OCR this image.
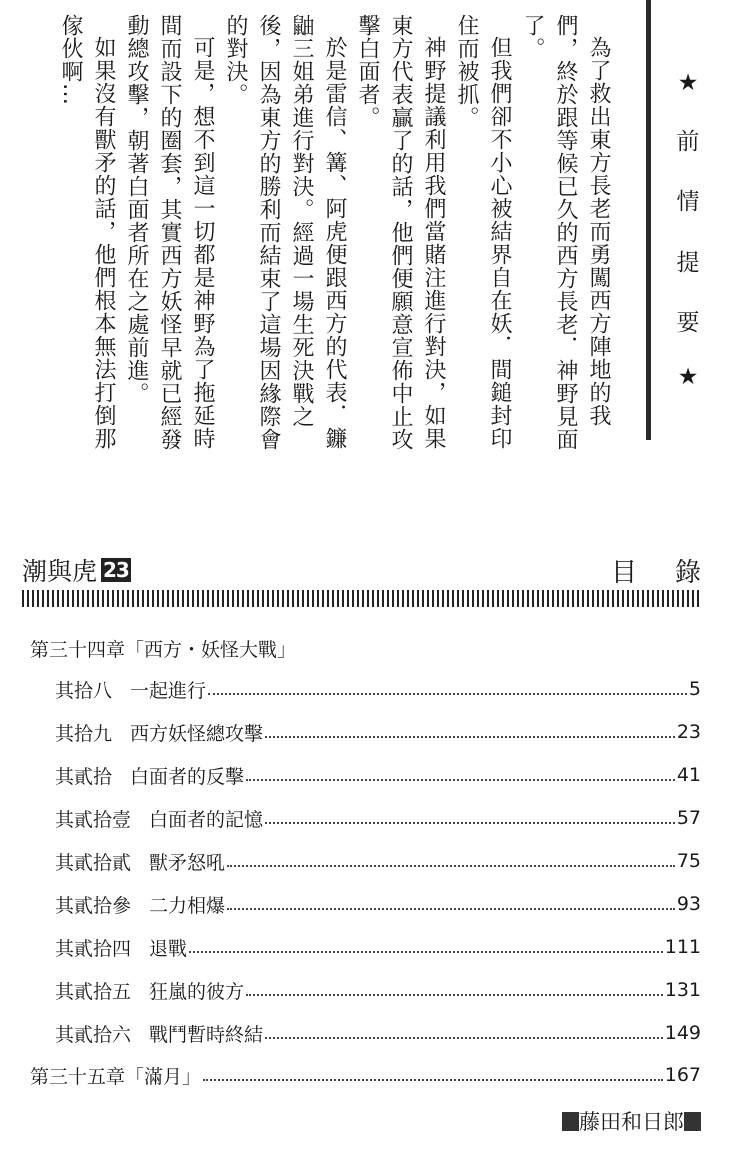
為了救出東方長老而勇闖西方陣地的我們，終於跟等候已久的西方長老．神野見面了。

但我們卻不小心被結界自在妖．間鎚封印住而被抓。

神野提議利用我們當賭注進行對決，如果東方代表贏了的話，他們便願意宣佈中止攻擊白面者。

於是雷信、篝、阿虎便跟西方的代表．鐮鼬三姐弟進行對決。經過一場生死決戰之後，因為東方的勝利而結束了這場因緣際會的對決。

可是，想不到這一切都是神野為了拖延時間而設下的圈套，其實西方妖怪早就已經發動總攻擊，朝著白面者所在之處前進。

如果沒有獸矛的話，他們根本無法打倒那傢伙啊…	★
前
情
提
要
★
潮與虎 23	目錄
第三十四章「西方・妖怪大戰」
其拾八 一起進行	5
其拾九 西方妖怪總攻擊	23
其貳拾 白面者的反擊	41
其貳拾壹 白面者的記憶	57
其貳拾貳 獸矛怒吼	75
其貳拾參 二力相爆	93
其貳拾四 退戰	111
其貳拾五 狂嵐的彼方	131
其貳拾六 戰鬥暫時終結	149
第三十五章「滿月」	167
藤田和日郎
